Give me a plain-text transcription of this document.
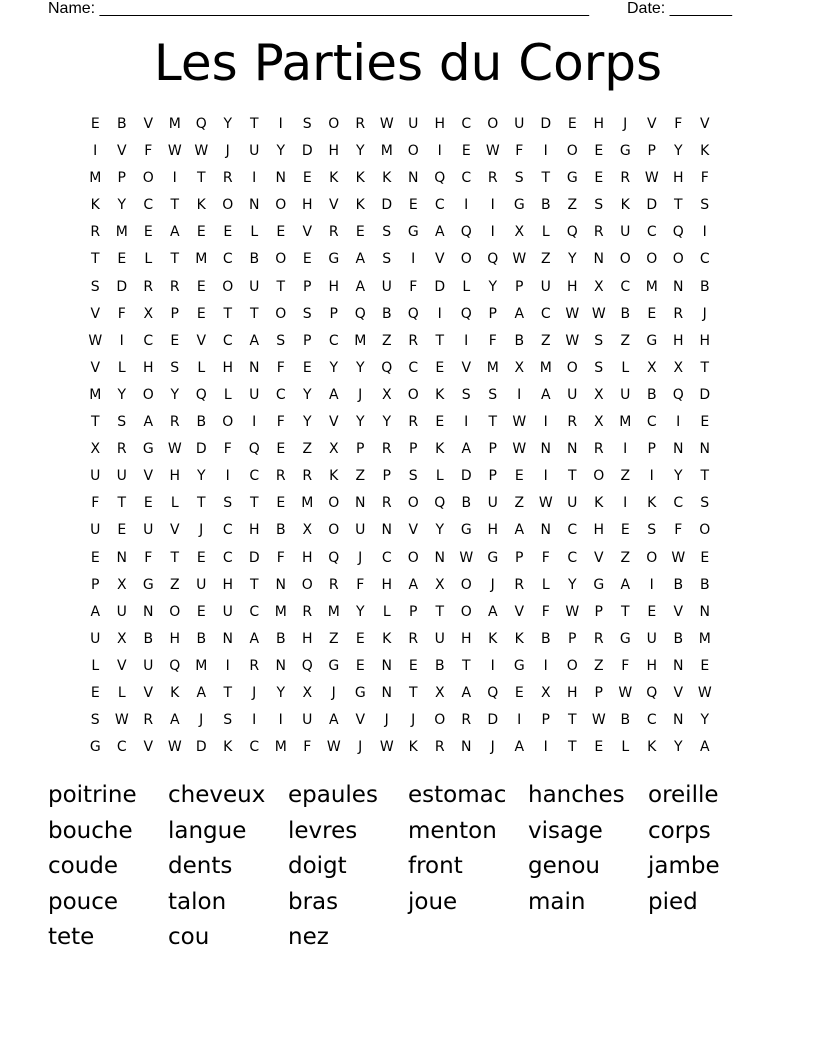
Name: _______________________________________________________ Date: _______
Les Parties du Corps
E	B	V	M	Q	Y	T	I	S	O	R	W	U	H	C	O	U	D	E	H	J	V	F	V
I	V	F	W W	J	U	Y	D	H	Y	M	O	I	E	W	F	I	O	E	G	P	Y	K
M	P	O	I	T	R	I	N	E	K	K	K	N	Q	C	R	S	T	G	E	R	W	H	F
K	Y	C	T	K	O	N	O	H	V	K	D	E	C	I	I	G	B	Z	S	K	D	T	S
R	M	E	A	E	E	L	E	V	R	E	S	G	A	Q	I	X	L	Q	R	U	C	Q	I
T	E	L	T	M	C	B	O	E	G	A	S	I	V	O	Q	W	Z	Y	N	O	O	O	C
S	D	R	R	E	O	U	T	P	H	A	U	F	D	L	Y	P	U	H	X	C	M	N	B
V	F	X	P	E	T	T	O	S	P	Q	B	Q	I	Q	P	A	C	W W	B	E	R	J
W	I	C	E	V	C	A	S	P	C	M	Z	R	T	I	F	B	Z	W	S	Z	G	H	H
V	L	H	S	L	H	N	F	E	Y	Y	Q	C	E	V	M	X	M	O	S	L	X	X	T
M	Y	O	Y	Q	L	U	C	Y	A	J	X	O	K	S	S	I	A	U	X	U	B	Q	D
T	S	A	R	B	O	I	F	Y	V	Y	Y	R	E	I	T	W	I	R	X	M	C	I	E
X	R	G	W	D	F	Q	E	Z	X	P	R	P	K	A	P	W	N	N	R	I	P	N	N
U	U	V	H	Y	I	C	R	R	K	Z	P	S	L	D	P	E	I	T	O	Z	I	Y	T
F	T	E	L	T	S	T	E	M	O	N	R	O	Q	B	U	Z	W	U	K	I	K	C	S
U	E	U	V	J	C	H	B	X	O	U	N	V	Y	G	H	A	N	C	H	E	S	F	O
E	N	F	T	E	C	D	F	H	Q	J	C	O	N	W	G	P	F	C	V	Z	O	W	E
P	X	G	Z	U	H	T	N	O	R	F	H	A	X	O	J	R	L	Y	G	A	I	B	B
A	U	N	O	E	U	C	M	R	M	Y	L	P	T	O	A	V	F	W	P	T	E	V	N
U	X	B	H	B	N	A	B	H	Z	E	K	R	U	H	K	K	B	P	R	G	U	B	M
L	V	U	Q	M	I	R	N	Q	G	E	N	E	B	T	I	G	I	O	Z	F	H	N	E
E	L	V	K	A	T	J	Y	X	J	G	N	T	X	A	Q	E	X	H	P	W	Q	V	W
S	W	R	A	J	S	I	I	U	A	V	J	J	O	R	D	I	P	T	W	B	C	N	Y
G	C	V	W	D	K	C	M	F	W	J	W	K	R	N	J	A	I	T	E	L	K	Y	A
poitrine cheveux epaules estomac hanches oreille
bouche langue levres menton visage corps
coude dents doigt	front	genou jambe
pouce talon	bras	joue	main	pied
tete	cou	nez
